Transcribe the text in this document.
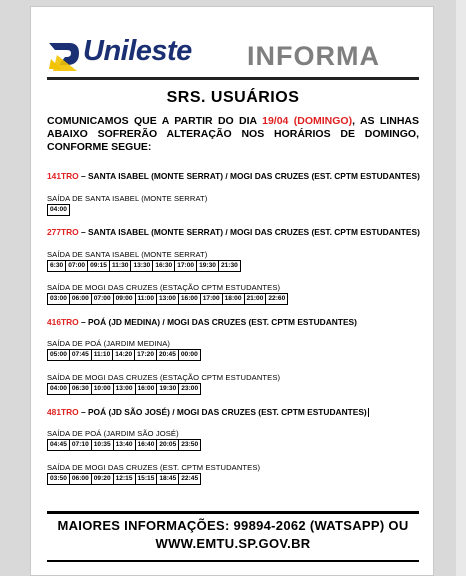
Unileste INFORMA
SRS. USUÁRIOS
COMUNICAMOS QUE A PARTIR DO DIA 19/04 (DOMINGO), AS LINHAS ABAIXO SOFRERÃO ALTERAÇÃO NOS HORÁRIOS DE DOMINGO, CONFORME SEGUE:
141TRO – SANTA ISABEL (MONTE SERRAT) / MOGI DAS CRUZES (EST. CPTM ESTUDANTES)
SAÍDA DE SANTA ISABEL (MONTE SERRAT)
04:00
277TRO – SANTA ISABEL (MONTE SERRAT) / MOGI DAS CRUZES (EST. CPTM ESTUDANTES)
SAÍDA DE SANTA ISABEL (MONTE SERRAT)
6:30 07:00 09:15 11:30 13:30 16:30 17:00 19:30 21:30
SAÍDA DE MOGI DAS CRUZES (ESTAÇÃO CPTM ESTUDANTES)
03:00 06:00 07:00 09:00 11:00 13:00 16:00 17:00 18:00 21:00 22:60
416TRO – POÁ (JD MEDINA) / MOGI DAS CRUZES (EST. CPTM ESTUDANTES)
SAÍDA DE POÁ (JARDIM MEDINA)
05:00 07:45 11:10 14:20 17:20 20:45 00:00
SAÍDA DE MOGI DAS CRUZES (ESTAÇÃO CPTM ESTUDANTES)
04:00 06:30 10:00 13:00 16:00 19:30 23:00
481TRO – POÁ (JD SÃO JOSÉ) / MOGI DAS CRUZES (EST. CPTM ESTUDANTES)
SAÍDA DE POÁ (JARDIM SÃO JOSÉ)
04:45 07:10 10:35 13:40 16:40 20:05 23:50
SAÍDA DE MOGI DAS CRUZES (EST. CPTM ESTUDANTES)
03:50 06:00 09:20 12:15 15:15 18:45 22:45
MAIORES INFORMAÇÕES: 99894-2062 (WATSAPP) OU
WWW.EMTU.SP.GOV.BR
